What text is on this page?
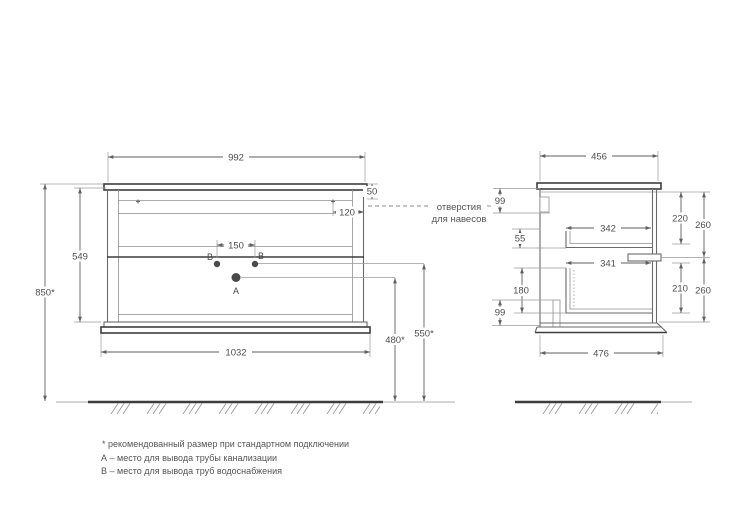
В	В
А
992
50
120
150
549
850*
1032
480*
550*
456
99
55
342
341
180
99
220
260
210 260
476
отверстия
для навесов
* рекомендованный размер при стандартном подключении
А – место для вывода трубы канализации
В – место для вывода труб водоснабжения
